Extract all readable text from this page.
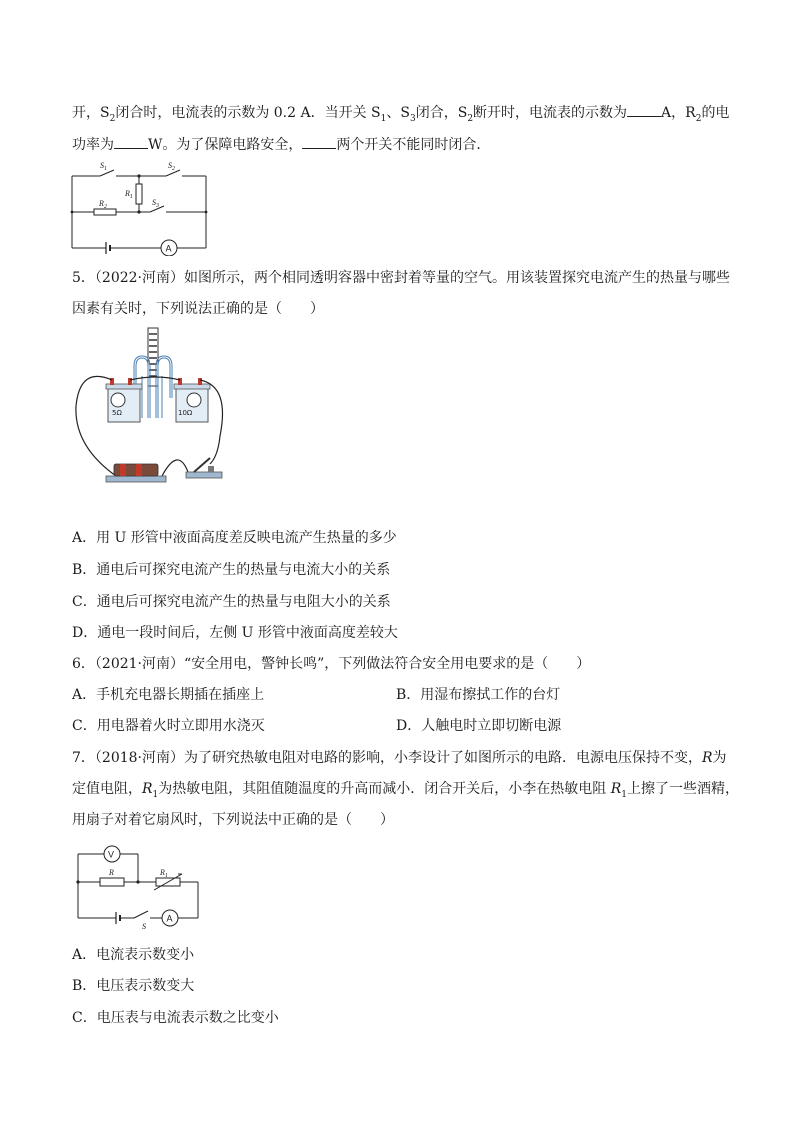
开，$S_2$闭合时，电流表的示数为 0.2 A．当开关 $S_1$、$S_3$闭合，$S_2$断开时，电流表的示数为 A，$R_2$的电
功率为 W。为了保障电路安全， 两个开关不能同时闭合．
$S_1$	$S_2$
$S_3$
$R_1$
$R_2$
A
5．（2022·河南）如图所示，两个相同透明容器中密封着等量的空气。用该装置探究电流产生的热量与哪些
因素有关时，下列说法正确的是（　　）
5Ω	10Ω
A．用 U 形管中液面高度差反映电流产生热量的多少
B．通电后可探究电流产生的热量与电流大小的关系
C．通电后可探究电流产生的热量与电阻大小的关系
D．通电一段时间后，左侧 U 形管中液面高度差较大
6．（2021·河南）“安全用电，警钟长鸣”，下列做法符合安全用电要求的是（　　）
A．手机充电器长期插在插座上	B．用湿布擦拭工作的台灯
C．用电器着火时立即用水浇灭	D．人触电时立即切断电源
7．（2018·河南）为了研究热敏电阻对电路的影响，小李设计了如图所示的电路．电源电压保持不变，R为
定值电阻，$R_1$为热敏电阻，其阻值随温度的升高而减小．闭合开关后，小李在热敏电阻 $R_1$上擦了一些酒精，
用扇子对着它扇风时，下列说法中正确的是（　　）
V
A
R	$R_1$
S
A．电流表示数变小
B．电压表示数变大
C．电压表与电流表示数之比变小
